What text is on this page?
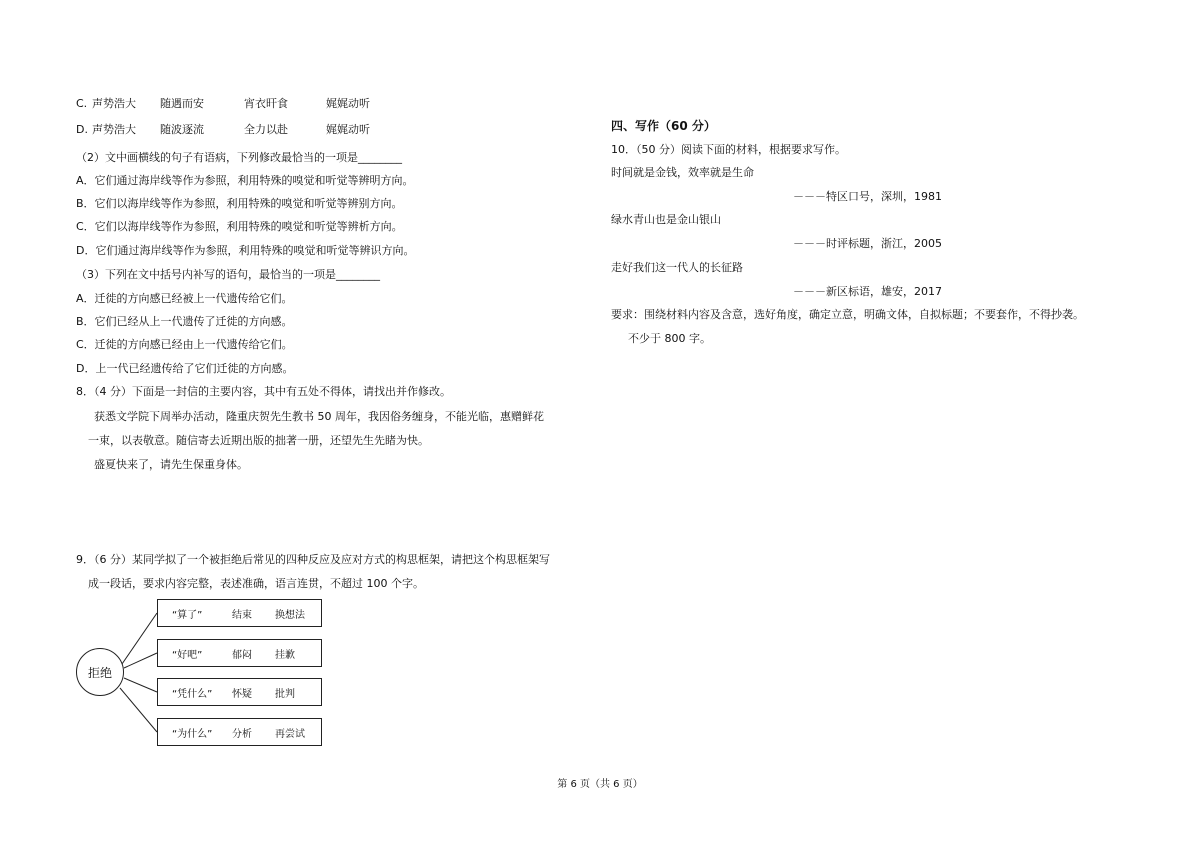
C. 声势浩大 随遇而安	宵衣旰食	娓娓动听
D. 声势浩大 随波逐流	全力以赴	娓娓动听
（2）文中画横线的句子有语病，下列修改最恰当的一项是________
A．它们通过海岸线等作为参照，利用特殊的嗅觉和听觉等辨明方向。
B．它们以海岸线等作为参照，利用特殊的嗅觉和听觉等辨别方向。
C．它们以海岸线等作为参照，利用特殊的嗅觉和听觉等辨析方向。
D．它们通过海岸线等作为参照，利用特殊的嗅觉和听觉等辨识方向。
（3）下列在文中括号内补写的语句，最恰当的一项是________
A．迁徙的方向感已经被上一代遗传给它们。
B．它们已经从上一代遗传了迁徙的方向感。
C．迁徙的方向感已经由上一代遗传给它们。
D．上一代已经遗传给了它们迁徙的方向感。
8．（4 分）下面是一封信的主要内容，其中有五处不得体，请找出并作修改。
获悉文学院下周举办活动，隆重庆贺先生教书 50 周年，我因俗务缠身，不能光临，惠赠鲜花
一束，以表敬意。随信寄去近期出版的拙著一册，还望先生先睹为快。
盛夏快来了，请先生保重身体。
9．（6 分）某同学拟了一个被拒绝后常见的四种反应及应对方式的构思框架，请把这个构思框架写
成一段话，要求内容完整，表述准确，语言连贯，不超过 100 个字。
拒绝
“算了”	结束 换想法
“好吧”	郁闷 挂歉
“凭什么” 怀疑 批判
“为什么” 分析 再尝试
四、写作（60 分）
10．（50 分）阅读下面的材料，根据要求写作。
时间就是金钱，效率就是生命
－－－特区口号，深圳，1981
绿水青山也是金山银山
－－－时评标题，浙江，2005
走好我们这一代人的长征路
－－－新区标语，雄安，2017
要求：围绕材料内容及含意，选好角度，确定立意，明确文体，自拟标题；不要套作，不得抄袭。
不少于 800 字。
第 6 页（共 6 页）
